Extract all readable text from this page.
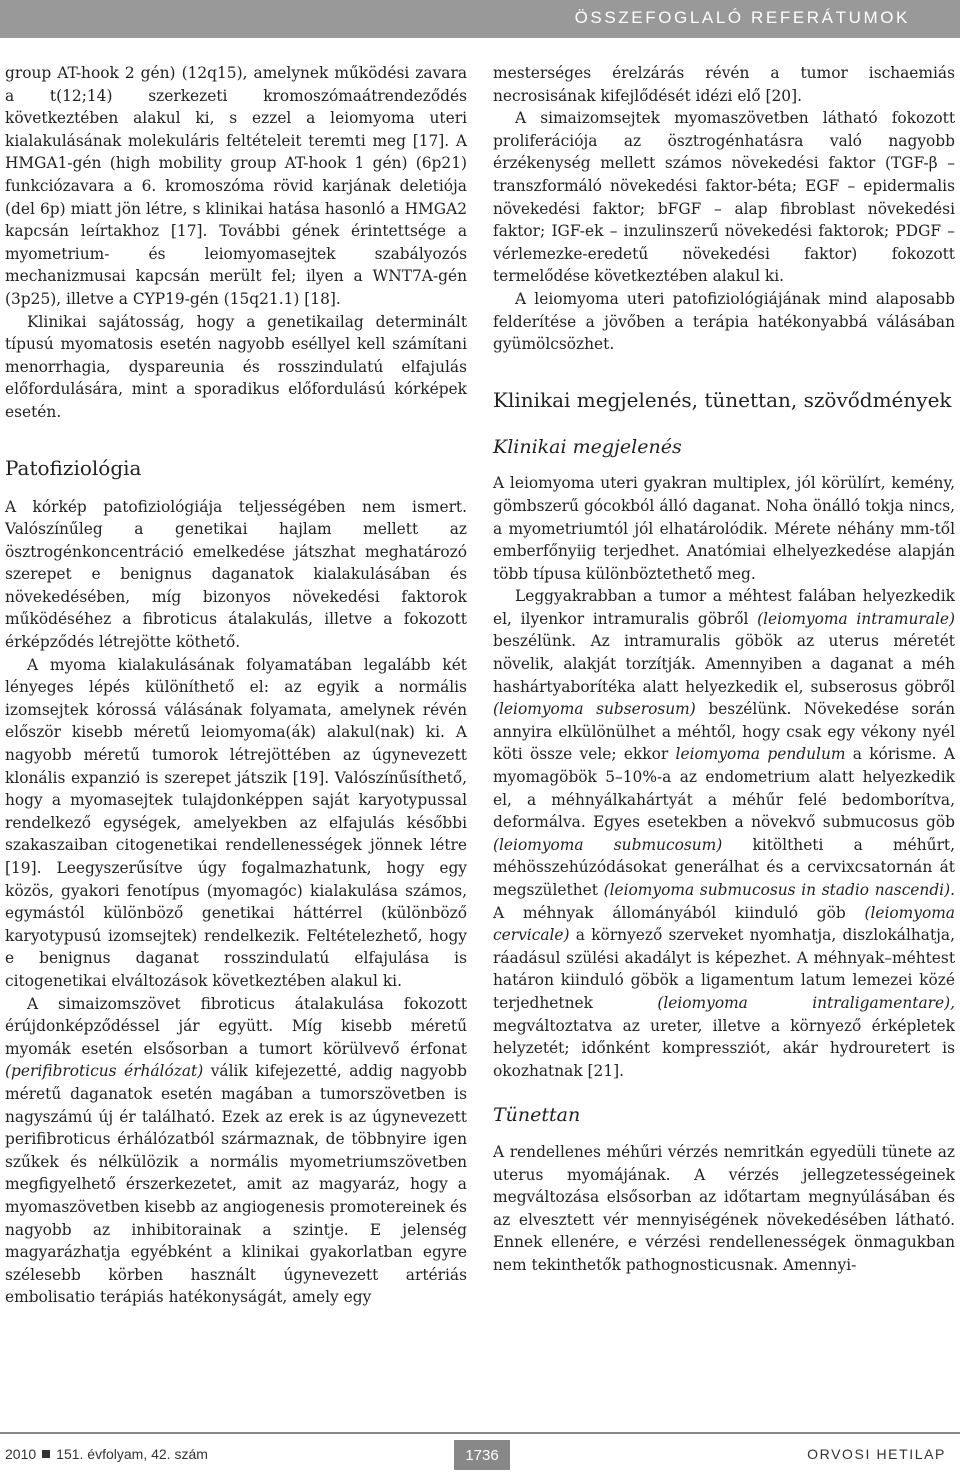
ÖSSZEFOGLALÓ REFERÁTUMOK

group AT-hook 2 gén) (12q15), amelynek működési zavara a t(12;14) szerkezeti kromoszómaátrendeződés következtében alakul ki, s ezzel a leiomyoma uteri kialakulásának molekuláris feltételeit teremti meg [17]. A HMGA1-gén (high mobility group AT-hook 1 gén) (6p21) funkciózavara a 6. kromoszóma rövid karjának deletiója (del 6p) miatt jön létre, s klinikai hatása hasonló a HMGA2 kapcsán leírtakhoz [17]. További gének érintettsége a myometrium- és leiomyomasejtek szabályozós mechanizmusai kapcsán merült fel; ilyen a WNT7A-gén (3p25), illetve a CYP19-gén (15q21.1) [18].

Klinikai sajátosság, hogy a genetikailag determinált típusú myomatosis esetén nagyobb eséllyel kell számítani menorrhagia, dyspareunia és rosszindulatú elfajulás előfordulására, mint a sporadikus előfordulású kórképek esetén.

Patofiziológia

A kórkép patofiziológiája teljességében nem ismert. Valószínűleg a genetikai hajlam mellett az ösztrogénkoncentráció emelkedése játszhat meghatározó szerepet e benignus daganatok kialakulásában és növekedésében, míg bizonyos növekedési faktorok működéséhez a fibroticus átalakulás, illetve a fokozott érképződés létrejötte köthető.

A myoma kialakulásának folyamatában legalább két lényeges lépés különíthető el: az egyik a normális izomsejtek kórossá válásának folyamata, amelynek révén először kisebb méretű leiomyoma(ák) alakul(nak) ki. A nagyobb méretű tumorok létrejöttében az úgynevezett klonális expanzió is szerepet játszik [19]. Valószínűsíthető, hogy a myomasejtek tulajdonképpen saját karyotypussal rendelkező egységek, amelyekben az elfajulás későbbi szakaszaiban citogenetikai rendellenességek jönnek létre [19]. Leegyszerűsítve úgy fogalmazhatunk, hogy egy közös, gyakori fenotípus (myomagóc) kialakulása számos, egymástól különböző genetikai háttérrel (különböző karyotypusú izomsejtek) rendelkezik. Feltételezhető, hogy e benignus daganat rosszindulatú elfajulása is citogenetikai elváltozások következtében alakul ki.

A simaizomszövet fibroticus átalakulása fokozott érújdonképződéssel jár együtt. Míg kisebb méretű myomák esetén elsősorban a tumort körülvevő érfonat (perifibroticus érhálózat) válik kifejezetté, addig nagyobb méretű daganatok esetén magában a tumorszövetben is nagyszámú új ér található. Ezek az erek is az úgynevezett perifibroticus érhálózatból származnak, de többnyire igen szűkek és nélkülözik a normális myometriumszövetben megfigyelhető érszerkezetet, amit az magyaráz, hogy a myomaszövetben kisebb az angiogenesis promotereinek és nagyobb az inhibitorainak a szintje. E jelenség magyarázhatja egyébként a klinikai gyakorlatban egyre szélesebb körben használt úgynevezett artériás embolisatio terápiás hatékonyságát, amely egy

mesterséges érelzárás révén a tumor ischaemiás necrosisának kifejlődését idézi elő [20].

A simaizomsejtek myomaszövetben látható fokozott proliferációja az ösztrogénhatásra való nagyobb érzékenység mellett számos növekedési faktor (TGF-β – transzformáló növekedési faktor-béta; EGF – epidermalis növekedési faktor; bFGF – alap fibroblast növekedési faktor; IGF-ek – inzulinszerű növekedési faktorok; PDGF – vérlemezke-eredetű növekedési faktor) fokozott termelődése következtében alakul ki.

A leiomyoma uteri patofiziológiájának mind alaposabb felderítése a jövőben a terápia hatékonyabbá válásában gyümölcsözhet.

Klinikai megjelenés, tünettan, szövődmények
Klinikai megjelenés

A leiomyoma uteri gyakran multiplex, jól körülírt, kemény, gömbszerű gócokból álló daganat. Noha önálló tokja nincs, a myometriumtól jól elhatárolódik. Mérete néhány mm-től emberfőnyiig terjedhet. Anatómiai elhelyezkedése alapján több típusa különböztethető meg.

Leggyakrabban a tumor a méhtest falában helyezkedik el, ilyenkor intramuralis göbről (leiomyoma intramurale) beszélünk. Az intramuralis göbök az uterus méretét növelik, alakját torzítják. Amennyiben a daganat a méh hashártyaborítéka alatt helyezkedik el, subserosus göbről (leiomyoma subserosum) beszélünk. Növekedése során annyira elkülönülhet a méhtől, hogy csak egy vékony nyél köti össze vele; ekkor leiomyoma pendulum a kórisme. A myomagöbök 5–10%-a az endometrium alatt helyezkedik el, a méhnyálkahártyát a méhűr felé bedomborítva, deformálva. Egyes esetekben a növekvő submucosus göb (leiomyoma submucosum) kitöltheti a méhűrt, méhösszehúzódásokat generálhat és a cervixcsatornán át megszülethet (leiomyoma submucosus in stadio nascendi). A méhnyak állományából kiinduló göb (leiomyoma cervicale) a környező szerveket nyomhatja, diszlokálhatja, ráadásul szülési akadályt is képezhet. A méhnyak–méhtest határon kiinduló göbök a ligamentum latum lemezei közé terjedhetnek (leiomyoma intraligamentare), megváltoztatva az ureter, illetve a környező érképletek helyzetét; időnként kompressziót, akár hydrouretert is okozhatnak [21].

Tünettan

A rendellenes méhűri vérzés nemritkán egyedüli tünete az uterus myomájának. A vérzés jellegzetességeinek megváltozása elsősorban az időtartam megnyúlásában és az elvesztett vér mennyiségének növekedésében látható. Ennek ellenére, e vérzési rendellenességek önmagukban nem tekinthetők pathognosticusnak. Amennyi-

2010 151. évfolyam, 42. szám	1736	ORVOSI HETILAP
